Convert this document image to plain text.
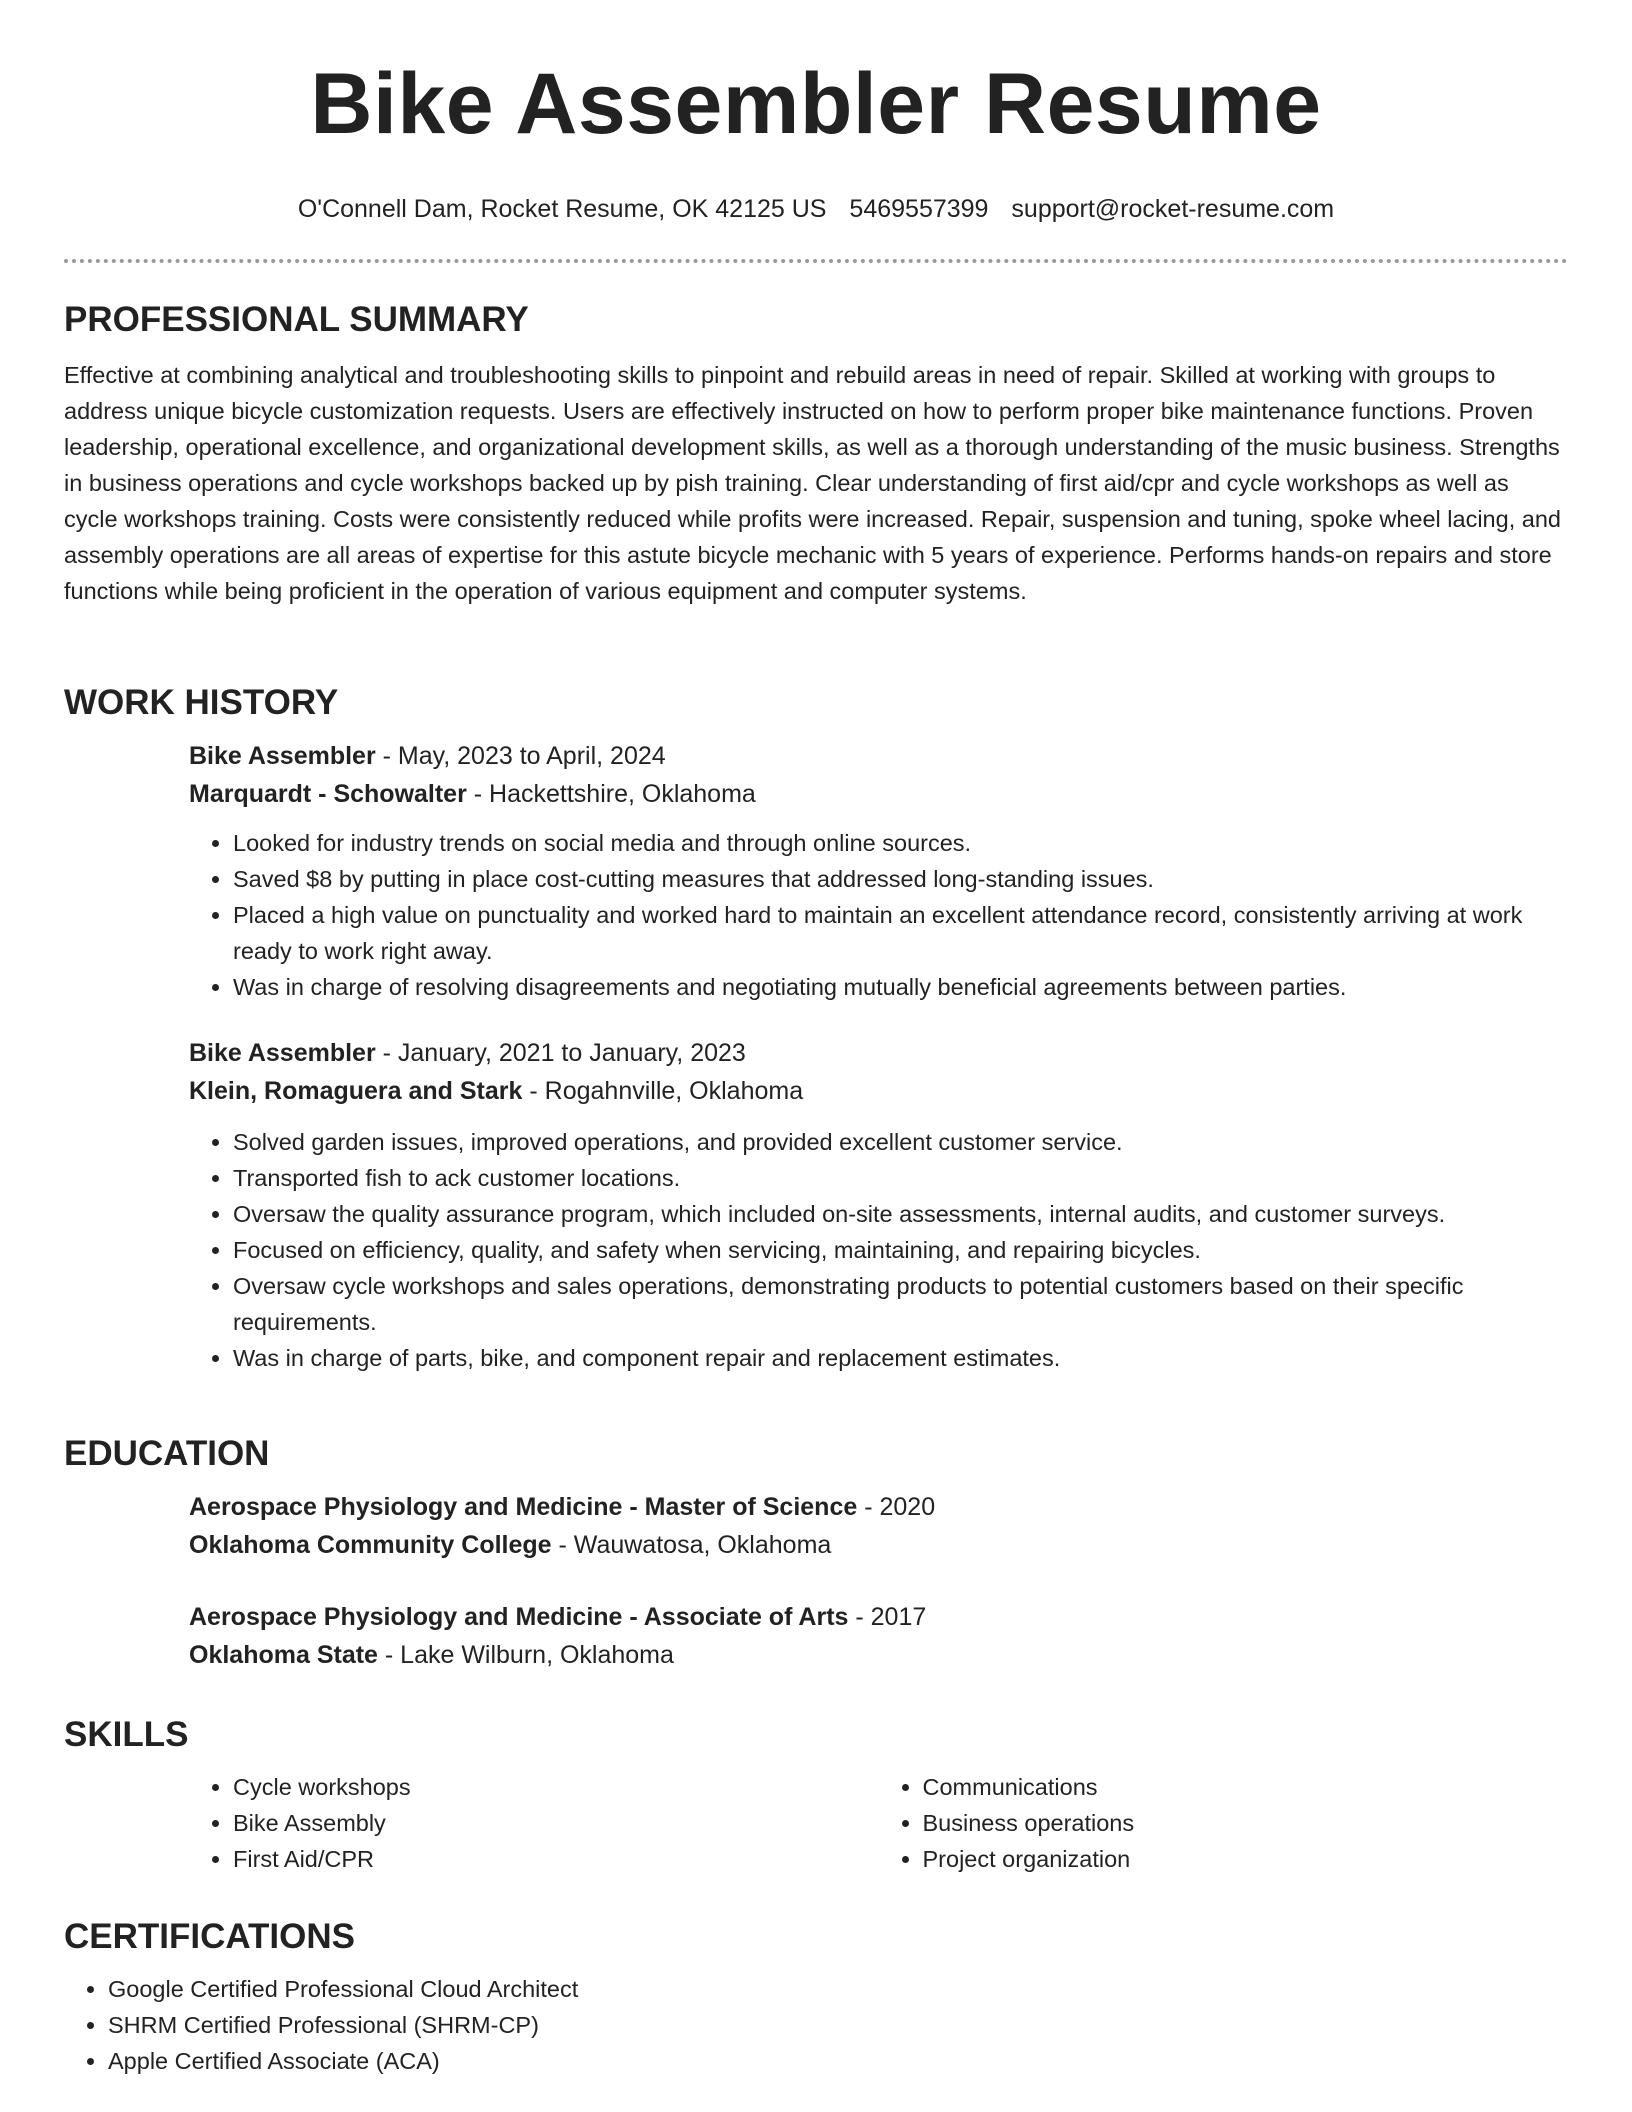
Bike Assembler Resume
O'Connell Dam, Rocket Resume, OK 42125 US 5469557399 support@rocket-resume.com
PROFESSIONAL SUMMARY

Effective at combining analytical and troubleshooting skills to pinpoint and rebuild areas in need of repair. Skilled at working with groups to address unique bicycle customization requests. Users are effectively instructed on how to perform proper bike maintenance functions. Proven leadership, operational excellence, and organizational development skills, as well as a thorough understanding of the music business. Strengths in business operations and cycle workshops backed up by pish training. Clear understanding of first aid/cpr and cycle workshops as well as cycle workshops training. Costs were consistently reduced while profits were increased. Repair, suspension and tuning, spoke wheel lacing, and assembly operations are all areas of expertise for this astute bicycle mechanic with 5 years of experience. Performs hands-on repairs and store functions while being proficient in the operation of various equipment and computer systems.

WORK HISTORY

Bike Assembler - May, 2023 to April, 2024

Marquardt - Schowalter - Hackettshire, Oklahoma

• Looked for industry trends on social media and through online sources.
• Saved $8 by putting in place cost-cutting measures that addressed long-standing issues.
• Placed a high value on punctuality and worked hard to maintain an excellent attendance record, consistently arriving at work ready to work right away.
• Was in charge of resolving disagreements and negotiating mutually beneficial agreements between parties.

Bike Assembler - January, 2021 to January, 2023

Klein, Romaguera and Stark - Rogahnville, Oklahoma

• Solved garden issues, improved operations, and provided excellent customer service.
• Transported fish to ack customer locations.
• Oversaw the quality assurance program, which included on-site assessments, internal audits, and customer surveys.
• Focused on efficiency, quality, and safety when servicing, maintaining, and repairing bicycles.
• Oversaw cycle workshops and sales operations, demonstrating products to potential customers based on their specific requirements.
• Was in charge of parts, bike, and component repair and replacement estimates.
EDUCATION

Aerospace Physiology and Medicine - Master of Science - 2020

Oklahoma Community College - Wauwatosa, Oklahoma

Aerospace Physiology and Medicine - Associate of Arts - 2017

Oklahoma State - Lake Wilburn, Oklahoma

SKILLS
• Cycle workshops
• Bike Assembly
• First Aid/CPR
• Communications
• Business operations
• Project organization
CERTIFICATIONS
• Google Certified Professional Cloud Architect
• SHRM Certified Professional (SHRM-CP)
• Apple Certified Associate (ACA)
